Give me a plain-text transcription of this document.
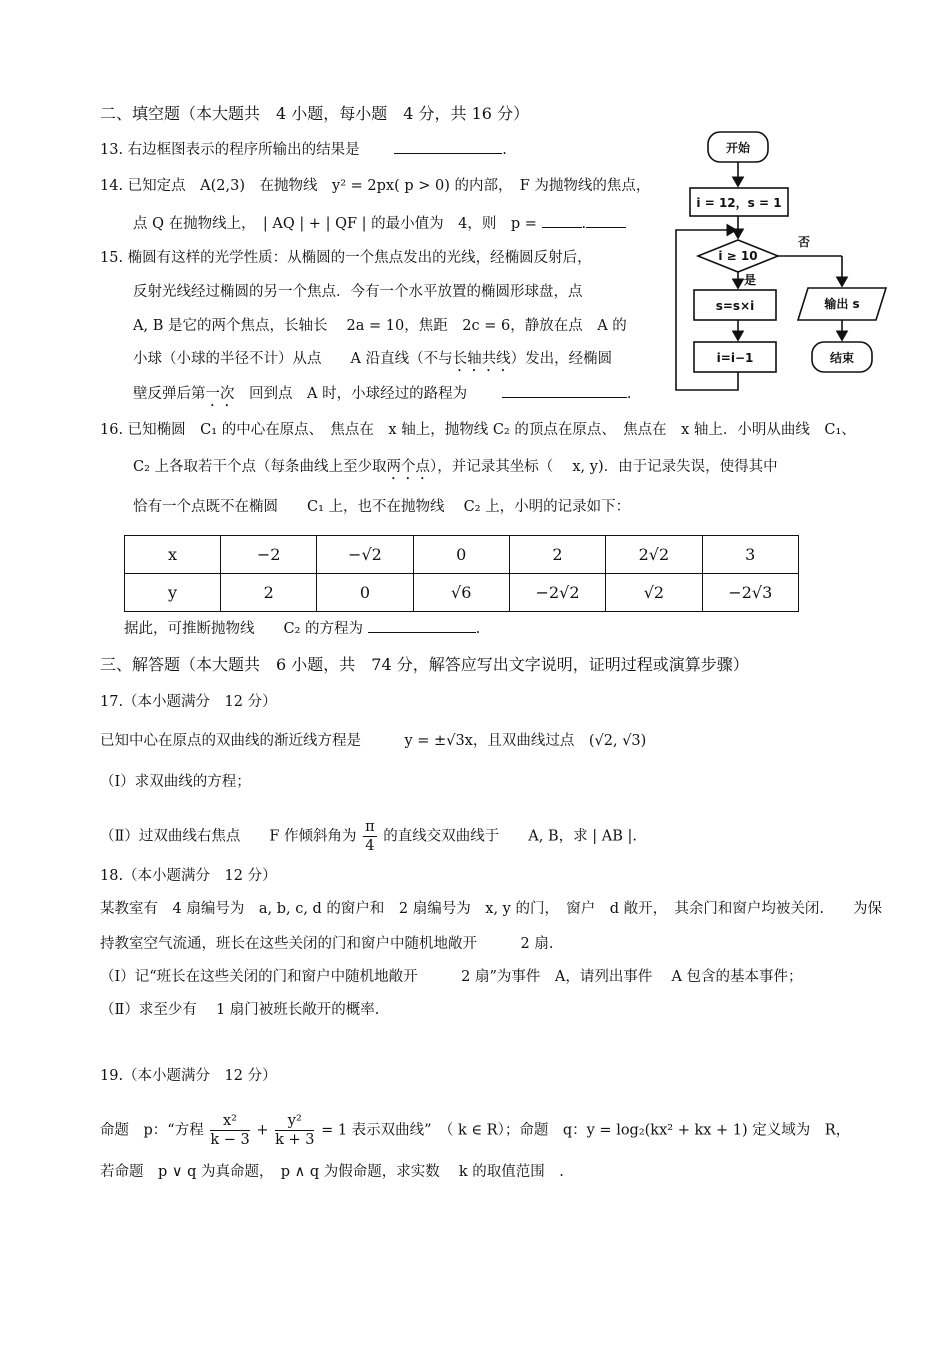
二、填空题（本大题共　4 小题，每小题　4 分，共 16 分）
13. 右边框图表示的程序所输出的结果是	.
14. 已知定点　A(2,3)　在抛物线　y² = 2px( p > 0) 的内部，　F 为抛物线的焦点，
点 Q 在抛物线上，　| AQ | + | QF | 的最小值为　4，则　p =	.
15. 椭圆有这样的光学性质：从椭圆的一个焦点发出的光线，经椭圆反射后，
反射光线经过椭圆的另一个焦点．今有一个水平放置的椭圆形球盘，点
A, B 是它的两个焦点，长轴长　 2a = 10，焦距　2c = 6，静放在点　A 的
小球（小球的半径不计）从点　　A 沿直线（不与长轴共线）发出，经椭圆
壁反弹后第一次　回到点　A 时，小球经过的路程为	.
16. 已知椭圆　C₁ 的中心在原点、　焦点在　x 轴上，抛物线 C₂ 的顶点在原点、　焦点在　x 轴上．小明从曲线　C₁、
C₂ 上各取若干个点（每条曲线上至少取两个点），并记录其坐标（　 x, y)．由于记录失误，使得其中
恰有一个点既不在椭圆　　C₁ 上，也不在抛物线　 C₂ 上，小明的记录如下：
x	−2	−√2	0	2	2√2	3
y	2	0	√6	−2√2	√2	−2√3
据此，可推断抛物线　　C₂ 的方程为	.
三、解答题（本大题共　6 小题，共　74 分，解答应写出文字说明，证明过程或演算步骤）
17.（本小题满分　12 分）
已知中心在原点的双曲线的渐近线方程是　　　y = ±√3x，且双曲线过点　(√2, √3)
（Ⅰ）求双曲线的方程；
（Ⅱ）过双曲线右焦点　　F 作倾斜角为 $\frac{\pi}{4}$ 的直线交双曲线于　　A, B，求 | AB |.
18.（本小题满分　12 分）
某教室有　4 扇编号为　a, b, c, d 的窗户和　2 扇编号为　x, y 的门，　窗户　d 敞开，　其余门和窗户均被关闭.　　为保
持教室空气流通，班长在这些关闭的门和窗户中随机地敞开　　　2 扇.
（Ⅰ）记“班长在这些关闭的门和窗户中随机地敞开　　　2 扇”为事件　A，请列出事件　 A 包含的基本事件；
（Ⅱ）求至少有　 1 扇门被班长敞开的概率.
19.（本小题满分　12 分）
命题　p：“方程 $\frac{\text{x²}}{k - 3} + \frac{\text{y²}}{k + 3} = 1$ 表示双曲线”　（ k ∈ R）；命题　q：y = log₂(kx² + kx + 1) 定义域为　R，
若命题　p ∨ q 为真命题，　p ∧ q 为假命题，求实数　 k 的取值范围　.
开始
i = 12，s = 1
i ≥ 10
否
是
s=s×i	输出 s
i=i−1	结束
